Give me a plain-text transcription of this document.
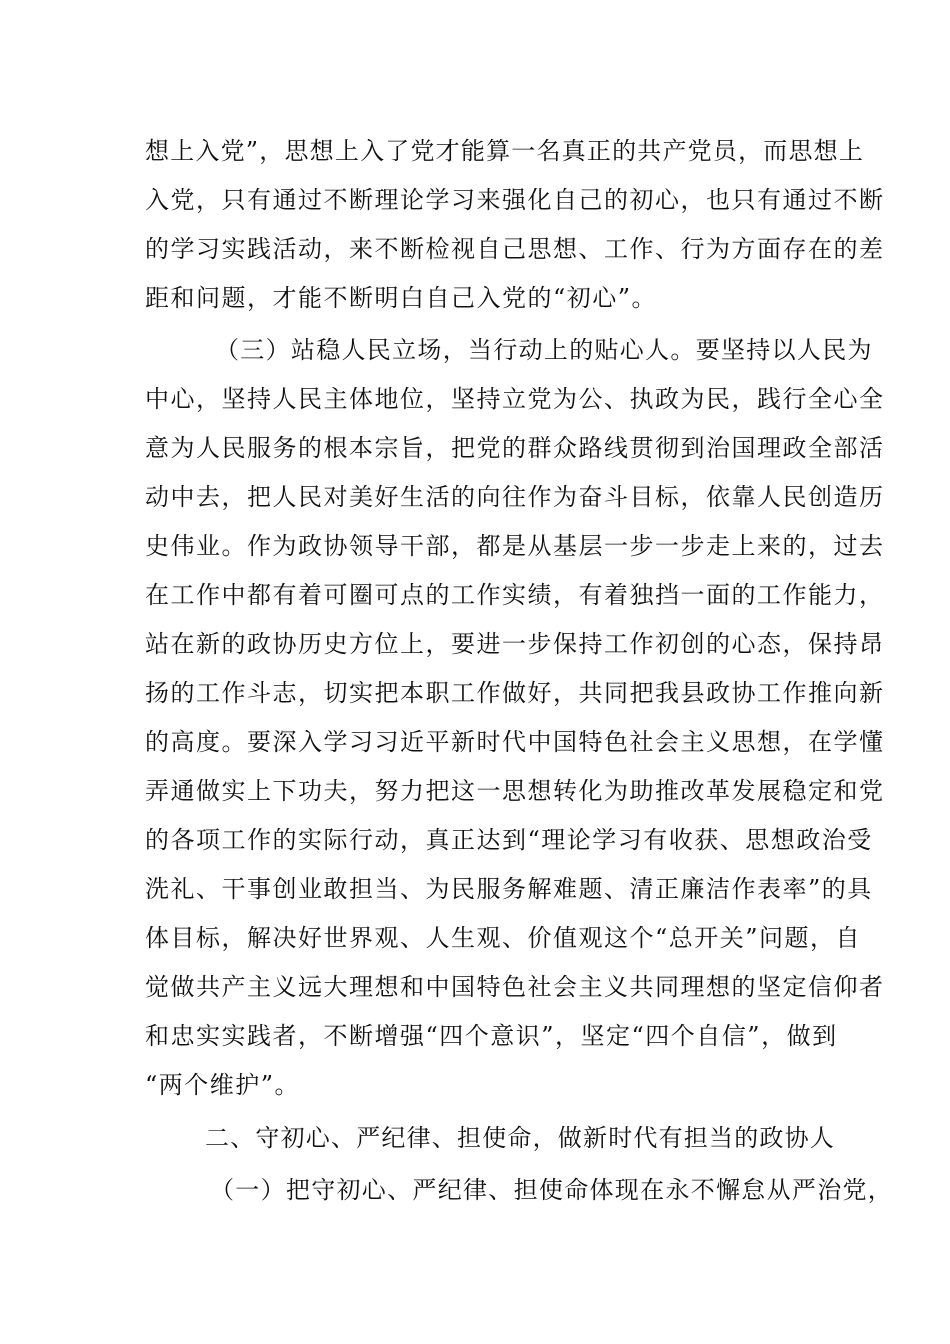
想上入党”，思想上入了党才能算一名真正的共产党员，而思想上
入党，只有通过不断理论学习来强化自己的初心，也只有通过不断
的学习实践活动，来不断检视自己思想、工作、行为方面存在的差
距和问题，才能不断明白自己入党的“初心”。
（三）站稳人民立场，当行动上的贴心人。要坚持以人民为
中心，坚持人民主体地位，坚持立党为公、执政为民，践行全心全
意为人民服务的根本宗旨，把党的群众路线贯彻到治国理政全部活
动中去，把人民对美好生活的向往作为奋斗目标，依靠人民创造历
史伟业。作为政协领导干部，都是从基层一步一步走上来的，过去
在工作中都有着可圈可点的工作实绩，有着独挡一面的工作能力，
站在新的政协历史方位上，要进一步保持工作初创的心态，保持昂
扬的工作斗志，切实把本职工作做好，共同把我县政协工作推向新
的高度。要深入学习习近平新时代中国特色社会主义思想，在学懂
弄通做实上下功夫，努力把这一思想转化为助推改革发展稳定和党
的各项工作的实际行动，真正达到“理论学习有收获、思想政治受
洗礼、干事创业敢担当、为民服务解难题、清正廉洁作表率”的具
体目标，解决好世界观、人生观、价值观这个“总开关”问题，自
觉做共产主义远大理想和中国特色社会主义共同理想的坚定信仰者
和忠实实践者，不断增强“四个意识”，坚定“四个自信”，做到
“两个维护”。
二、守初心、严纪律、担使命，做新时代有担当的政协人
（一）把守初心、严纪律、担使命体现在永不懈怠从严治党，
